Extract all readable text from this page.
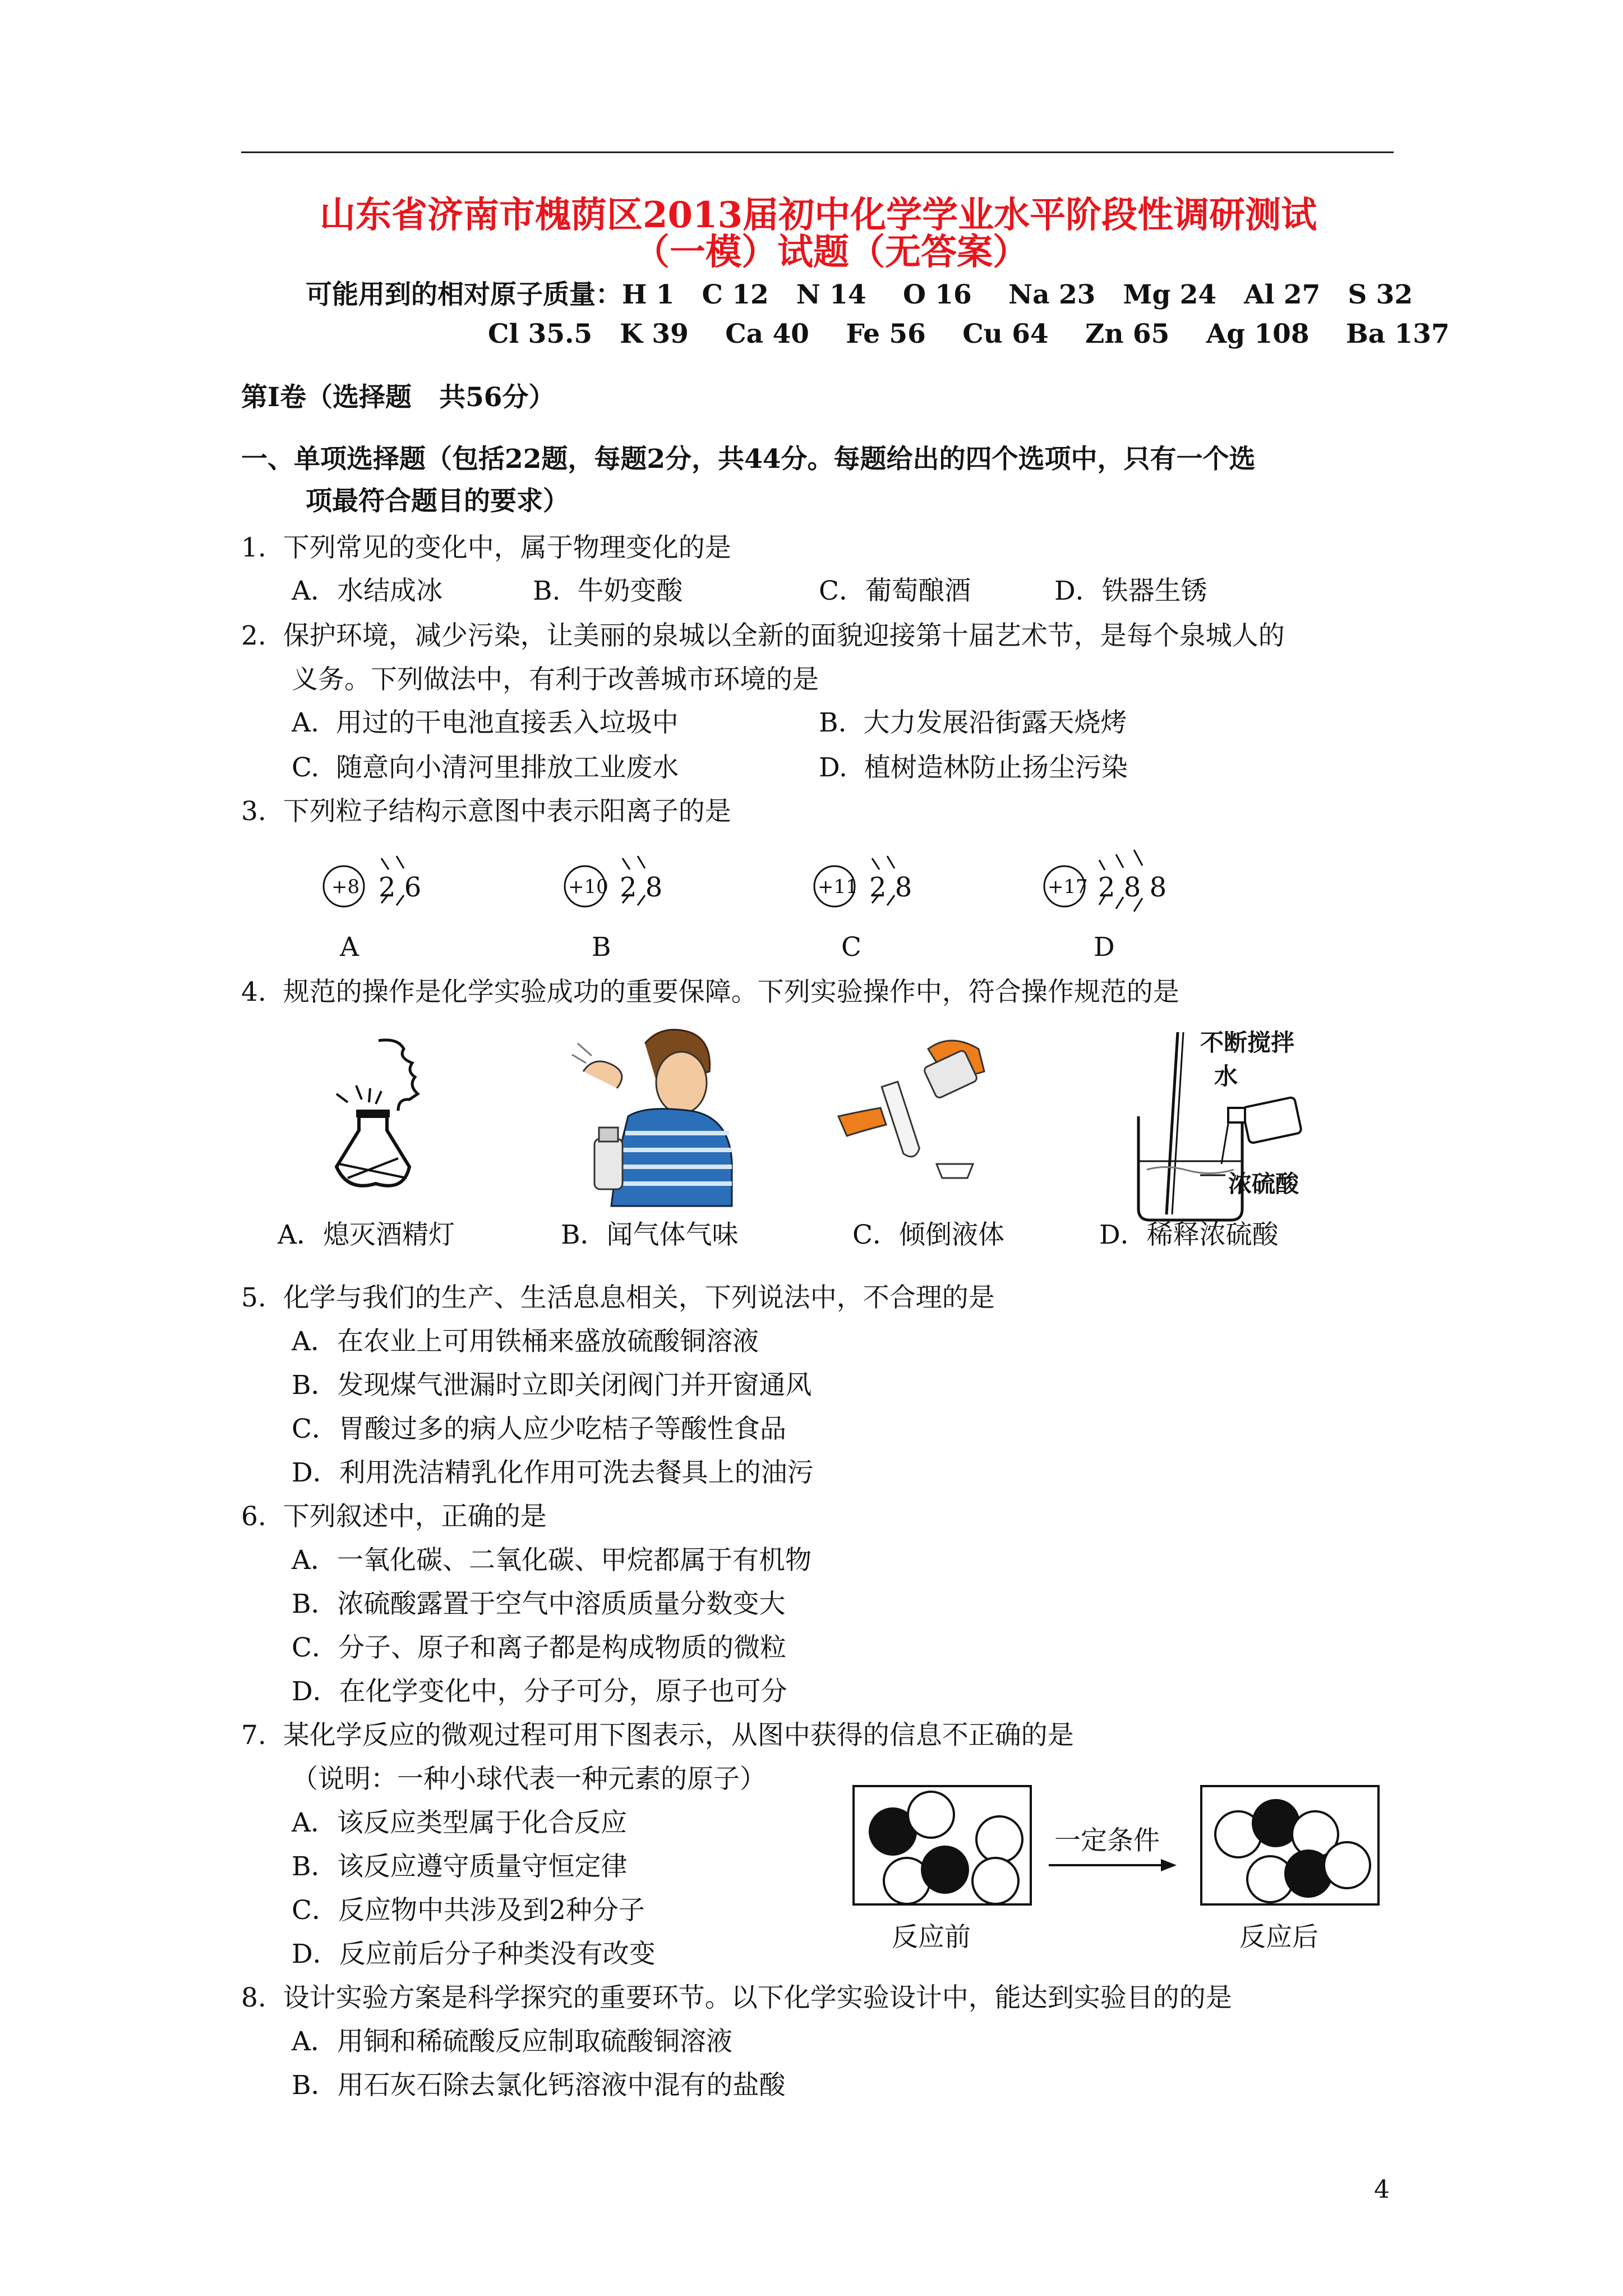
山东省济南市槐荫区2013届初中化学学业水平阶段性调研测试
（一模）试题（无答案）
可能用到的相对原子质量：H 1   C 12   N 14    O 16    Na 23   Mg 24   Al 27   S 32
Cl 35.5   K 39    Ca 40    Fe 56    Cu 64    Zn 65    Ag 108    Ba 137
第Ⅰ卷（选择题   共56分）
一、单项选择题（包括22题，每题2分，共44分。每题给出的四个选项中，只有一个选
项最符合题目的要求）
1.  下列常见的变化中，属于物理变化的是
A．水结成冰	B.  牛奶变酸	C．葡萄酿酒	D．铁器生锈
2.  保护环境，减少污染，让美丽的泉城以全新的面貌迎接第十届艺术节，是每个泉城人的
义务。下列做法中，有利于改善城市环境的是
A.  用过的干电池直接丢入垃圾中	B.  大力发展沿街露天烧烤
C.  随意向小清河里排放工业废水	D.  植树造林防止扬尘污染
3.  下列粒子结构示意图中表示阳离子的是
+8 2 6
A
+10 2 8
B
+11 2 8
C
+17 2 8 8
D
4.  规范的操作是化学实验成功的重要保障。下列实验操作中，符合操作规范的是
不断搅拌
水
浓硫酸
A．熄灭酒精灯	B．闻气体气味	C．倾倒液体	D．稀释浓硫酸
5.  化学与我们的生产、生活息息相关，下列说法中，不合理的是
A．在农业上可用铁桶来盛放硫酸铜溶液
B．发现煤气泄漏时立即关闭阀门并开窗通风
C．胃酸过多的病人应少吃桔子等酸性食品
D．利用洗洁精乳化作用可洗去餐具上的油污
6.  下列叙述中，正确的是
A．一氧化碳、二氧化碳、甲烷都属于有机物
B．浓硫酸露置于空气中溶质质量分数变大
C．分子、原子和离子都是构成物质的微粒
D．在化学变化中，分子可分，原子也可分
7.  某化学反应的微观过程可用下图表示，从图中获得的信息不正确的是
（说明：一种小球代表一种元素的原子）
A．该反应类型属于化合反应
B．该反应遵守质量守恒定律
C．反应物中共涉及到2种分子
D．反应前后分子种类没有改变
一定条件
反应前	反应后
8.  设计实验方案是科学探究的重要环节。以下化学实验设计中，能达到实验目的的是
A．用铜和稀硫酸反应制取硫酸铜溶液
B．用石灰石除去氯化钙溶液中混有的盐酸
4
